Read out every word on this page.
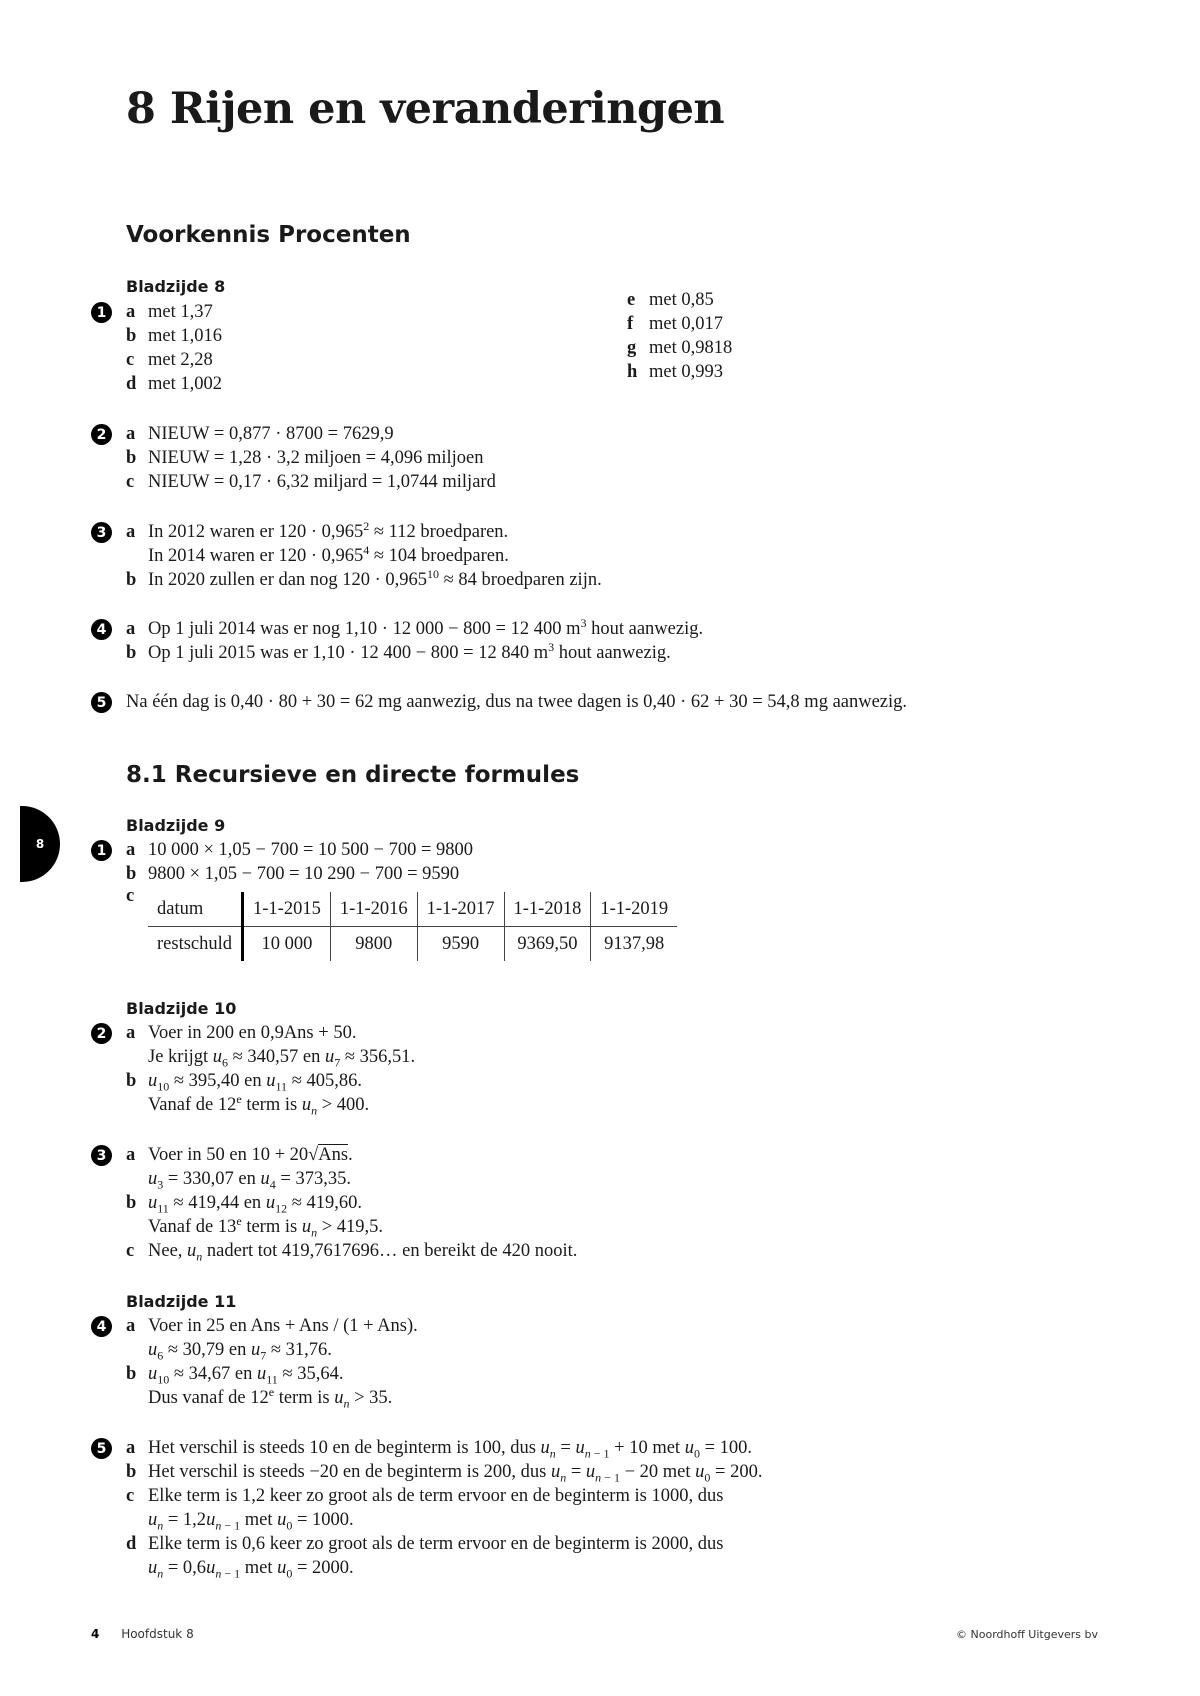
8 Rijen en veranderingen
8
Voorkennis Procenten
Bladzijde 8
1	a met 1,37
b met 1,016
c met 2,28
d met 1,002
e met 0,85
f met 0,017
g met 0,9818
h met 0,993
2	a NIEUW = 0,877 · 8700 = 7629,9
b NIEUW = 1,28 · 3,2 miljoen = 4,096 miljoen
c NIEUW = 0,17 · 6,32 miljard = 1,0744 miljard
3	a In 2012 waren er $120 \cdot 0,965^2 \approx 112$ broedparen.
In 2014 waren er $120 \cdot 0,965^4 \approx 104$ broedparen.
b In 2020 zullen er dan nog $120 \cdot 0,965^{10} \approx 84$ broedparen zijn.
4	a Op 1 juli 2014 was er nog 1,10 · 12 000 − 800 = 12 400 $m^3$ hout aanwezig.
b Op 1 juli 2015 was er 1,10 · 12 400 − 800 = 12 840 $m^3$ hout aanwezig.
5	Na één dag is 0,40 · 80 + 30 = 62 mg aanwezig, dus na twee dagen is 0,40 · 62 + 30 = 54,8 mg aanwezig.
8.1 Recursieve en directe formules
Bladzijde 9
1	a 10 000 × 1,05 − 700 = 10 500 − 700 = 9800
b 9800 × 1,05 − 700 = 10 290 − 700 = 9590
c
datum	1-1-2015	1-1-2016	1-1-2017	1-1-2018	1-1-2019
restschuld	10 000	9800	9590	9369,50	9137,98
Bladzijde 10
2	a Voer in 200 en 0,9Ans + 50.
Je krijgt $u_6 \approx 340,57$ en $u_7 \approx 356,51$.
b $u_{10} \approx 395,40$ en $u_{11} \approx 405,86$.
Vanaf de 12e term is $u_n > 400$.
3	a Voer in 50 en 10 + 20√Ans.
$u_3 = 330,07$ en $u_4 = 373,35$.
b $u_{11} \approx 419,44$ en $u_{12} \approx 419,60$.
Vanaf de 13e term is $u_n > 419,5$.
c Nee, $u_n$ nadert tot 419,7617696… en bereikt de 420 nooit.
Bladzijde 11
4	a Voer in 25 en Ans + Ans / (1 + Ans).
$u_6 \approx 30,79$ en $u_7 \approx 31,76$.
b $u_{10} \approx 34,67$ en $u_{11} \approx 35,64$.
Dus vanaf de 12e term is $u_n > 35$.
5	a Het verschil is steeds 10 en de beginterm is 100, dus $u_n = u_{n - 1} + 10$ met $u_0 = 100$.
b Het verschil is steeds −20 en de beginterm is 200, dus $u_n = u_{n - 1} - 20$ met $u_0 = 200$.
c Elke term is 1,2 keer zo groot als de term ervoor en de beginterm is 1000, dus
$u_n = 1,2u_{n - 1}$ met $u_0 = 1000$.
d Elke term is 0,6 keer zo groot als de term ervoor en de beginterm is 2000, dus
$u_n = 0,6u_{n - 1}$ met $u_0 = 2000$.
4 Hoofdstuk 8	© Noordhoff Uitgevers bv
